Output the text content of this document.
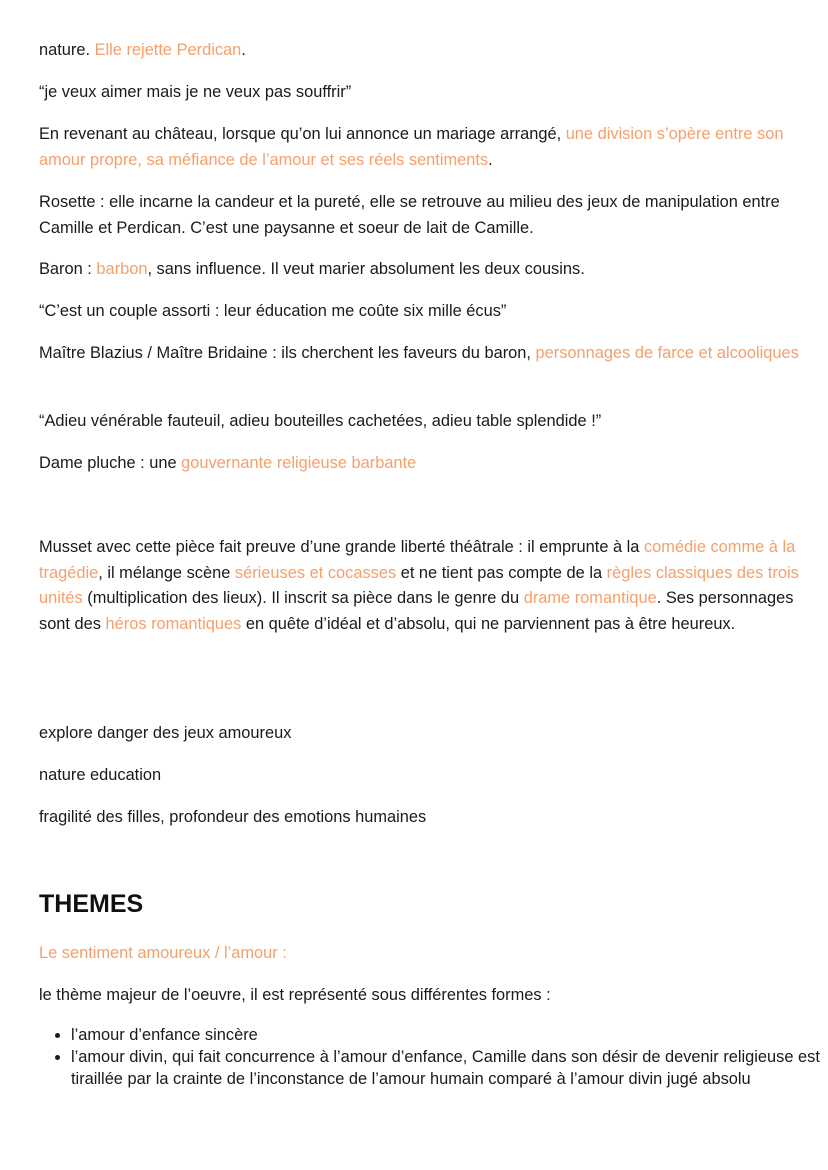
nature. Elle rejette Perdican.

“je veux aimer mais je ne veux pas souffrir”

En revenant au château, lorsque qu’on lui annonce un mariage arrangé, une division s’opère entre son amour propre, sa méfiance de l’amour et ses réels sentiments.

Rosette : elle incarne la candeur et la pureté, elle se retrouve au milieu des jeux de manipulation entre Camille et Perdican. C’est une paysanne et soeur de lait de Camille.

Baron : barbon, sans influence. Il veut marier absolument les deux cousins.

“C’est un couple assorti : leur éducation me coûte six mille écus”

Maître Blazius / Maître Bridaine : ils cherchent les faveurs du baron, personnages de farce et alcooliques

“Adieu vénérable fauteuil, adieu bouteilles cachetées, adieu table splendide !”

Dame pluche : une gouvernante religieuse barbante

Musset avec cette pièce fait preuve d’une grande liberté théâtrale : il emprunte à la comédie comme à la tragédie, il mélange scène sérieuses et cocasses et ne tient pas compte de la règles classiques des trois unités (multiplication des lieux). Il inscrit sa pièce dans le genre du drame romantique. Ses personnages sont des héros romantiques en quête d’idéal et d’absolu, qui ne parviennent pas à être heureux.

explore danger des jeux amoureux

nature education

fragilité des filles, profondeur des emotions humaines

THEMES

Le sentiment amoureux / l’amour :

le thème majeur de l’oeuvre, il est représenté sous différentes formes :

• l’amour d’enfance sincère
• l’amour divin, qui fait concurrence à l’amour d’enfance, Camille dans son désir de devenir religieuse est tiraillée par la crainte de l’inconstance de l’amour humain comparé à l’amour divin jugé absolu
